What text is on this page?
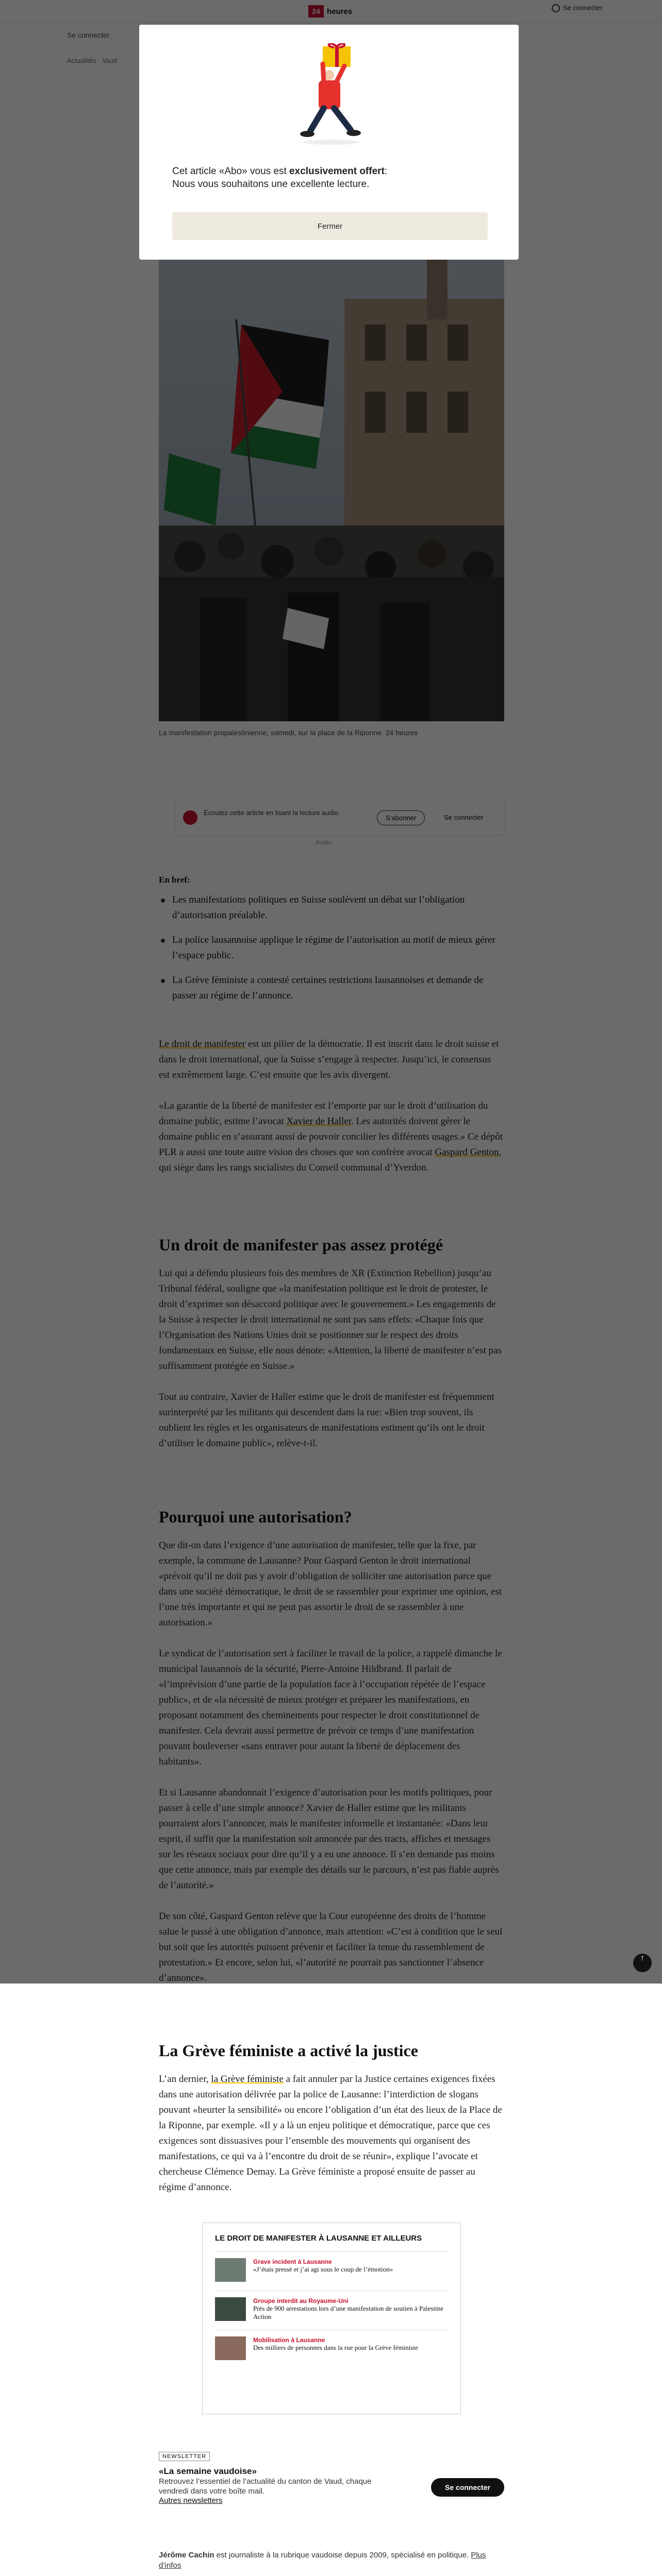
La Grève féministe a activé la justice

L’an dernier, la Grève féministe a fait annuler par la Justice certaines exigences fixées dans une autorisation délivrée par la police de Lausanne: l’interdiction de slogans pouvant «heurter la sensibilité» ou encore l’obligation d’un état des lieux de la Place de la Riponne, par exemple. «Il y a là un enjeu politique et démocratique, parce que ces exigences sont dissuasives pour l’ensemble des mouvements qui organisent des manifestations, ce qui va à l’encontre du droit de se réunir», explique l’avocate et chercheuse Clémence Demay. La Grève féministe a proposé ensuite de passer au régime d’annonce.

LE DROIT DE MANIFESTER À LAUSANNE ET AILLEURS
Grave incident à Lausanne
«J’étais pressé et j’ai agi sous le coup de l’émotion»
Groupe interdit au Royaume-Uni
Près de 900 arrestations lors d’une manifestation de soutien à Palestine Action
Mobilisation à Lausanne
Des milliers de personnes dans la rue pour la Grève féministe
NEWSLETTER
«La semaine vaudoise»
Retrouvez l’essentiel de l’actualité du canton de Vaud, chaque vendredi dans votre boîte mail.
Autres newsletters
Se connecter
Jérôme Cachin est journaliste à la rubrique vaudoise depuis 2009, spécialisé en politique. Plus d’infos
Cet article «Abo» vous est exclusivement offert:
Nous vous souhaitons une excellente lecture.
Fermer
↑
